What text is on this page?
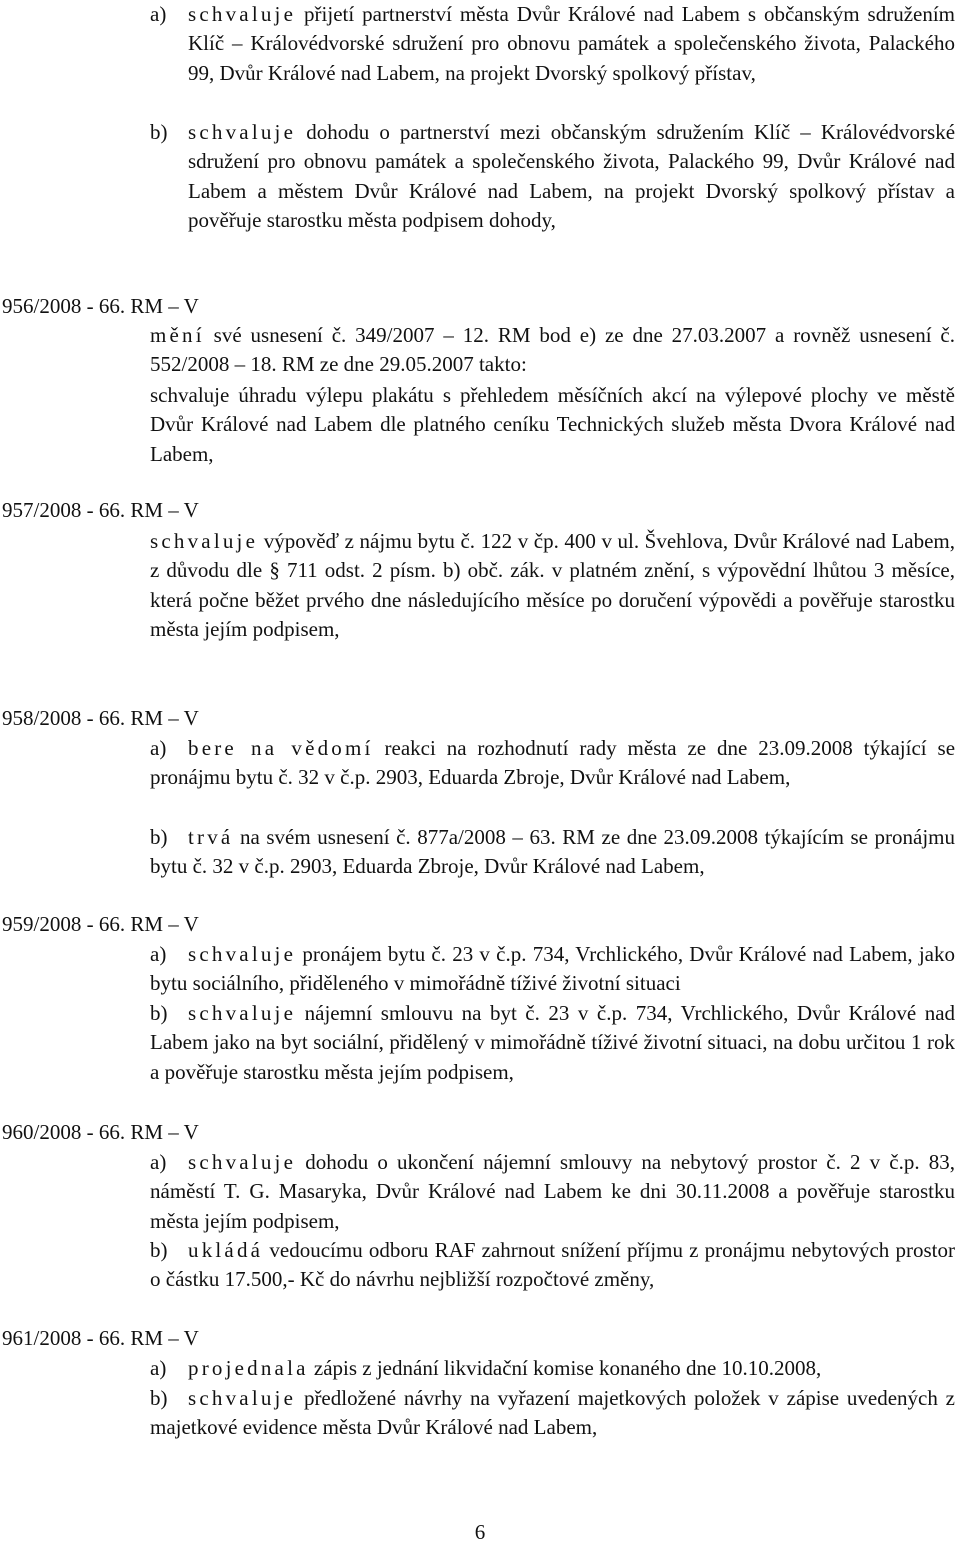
a) schvaluje přijetí partnerství města Dvůr Králové nad Labem s občanským sdružením Klíč – Královédvorské sdružení pro obnovu památek a společenského života, Palackého 99, Dvůr Králové nad Labem, na projekt Dvorský spolkový přístav,
b) schvaluje dohodu o partnerství mezi občanským sdružením Klíč – Královédvorské sdružení pro obnovu památek a společenského života, Palackého 99, Dvůr Králové nad Labem a městem Dvůr Králové nad Labem, na projekt Dvorský spolkový přístav a pověřuje starostku města podpisem dohody,
956/2008 - 66. RM – V
mění své usnesení č. 349/2007 – 12. RM bod e) ze dne 27.03.2007 a rovněž usnesení č. 552/2008 – 18. RM ze dne 29.05.2007 takto:
schvaluje úhradu výlepu plakátu s přehledem měsíčních akcí na výlepové plochy ve městě Dvůr Králové nad Labem dle platného ceníku Technických služeb města Dvora Králové nad Labem,
957/2008 - 66. RM – V
schvaluje výpověď z nájmu bytu č. 122 v čp. 400 v ul. Švehlova, Dvůr Králové nad Labem, z důvodu dle § 711 odst. 2 písm. b) obč. zák. v platném znění, s výpovědní lhůtou 3 měsíce, která počne běžet prvého dne následujícího měsíce po doručení výpovědi a pověřuje starostku města jejím podpisem,
958/2008 - 66. RM – V
a)	bere na vědomí reakci na rozhodnutí rady města ze dne 23.09.2008 týkající se pronájmu bytu č. 32 v č.p. 2903, Eduarda Zbroje, Dvůr Králové nad Labem,
b) trvá na svém usnesení č. 877a/2008 – 63. RM ze dne 23.09.2008 týkajícím se pronájmu bytu č. 32 v č.p. 2903, Eduarda Zbroje, Dvůr Králové nad Labem,
959/2008 - 66. RM – V
a)	schvaluje pronájem bytu č. 23 v č.p. 734, Vrchlického, Dvůr Králové nad Labem, jako bytu sociálního, přiděleného v mimořádně tíživé životní situaci
b) schvaluje nájemní smlouvu na byt č. 23 v č.p. 734, Vrchlického, Dvůr Králové nad Labem jako na byt sociální, přidělený v mimořádně tíživé životní situaci, na dobu určitou 1 rok a pověřuje starostku města jejím podpisem,
960/2008 - 66. RM – V
a)	schvaluje dohodu o ukončení nájemní smlouvy na nebytový prostor č. 2 v č.p. 83, náměstí T. G. Masaryka, Dvůr Králové nad Labem ke dni 30.11.2008 a pověřuje starostku města jejím podpisem,
b) ukládá vedoucímu odboru RAF zahrnout snížení příjmu z pronájmu nebytových prostor o částku 17.500,- Kč do návrhu nejbližší rozpočtové změny,
961/2008 - 66. RM – V
a)	projednala zápis z jednání likvidační komise konaného dne 10.10.2008,
b) schvaluje předložené návrhy na vyřazení majetkových položek v zápise uvedených z majetkové evidence města Dvůr Králové nad Labem,
6
